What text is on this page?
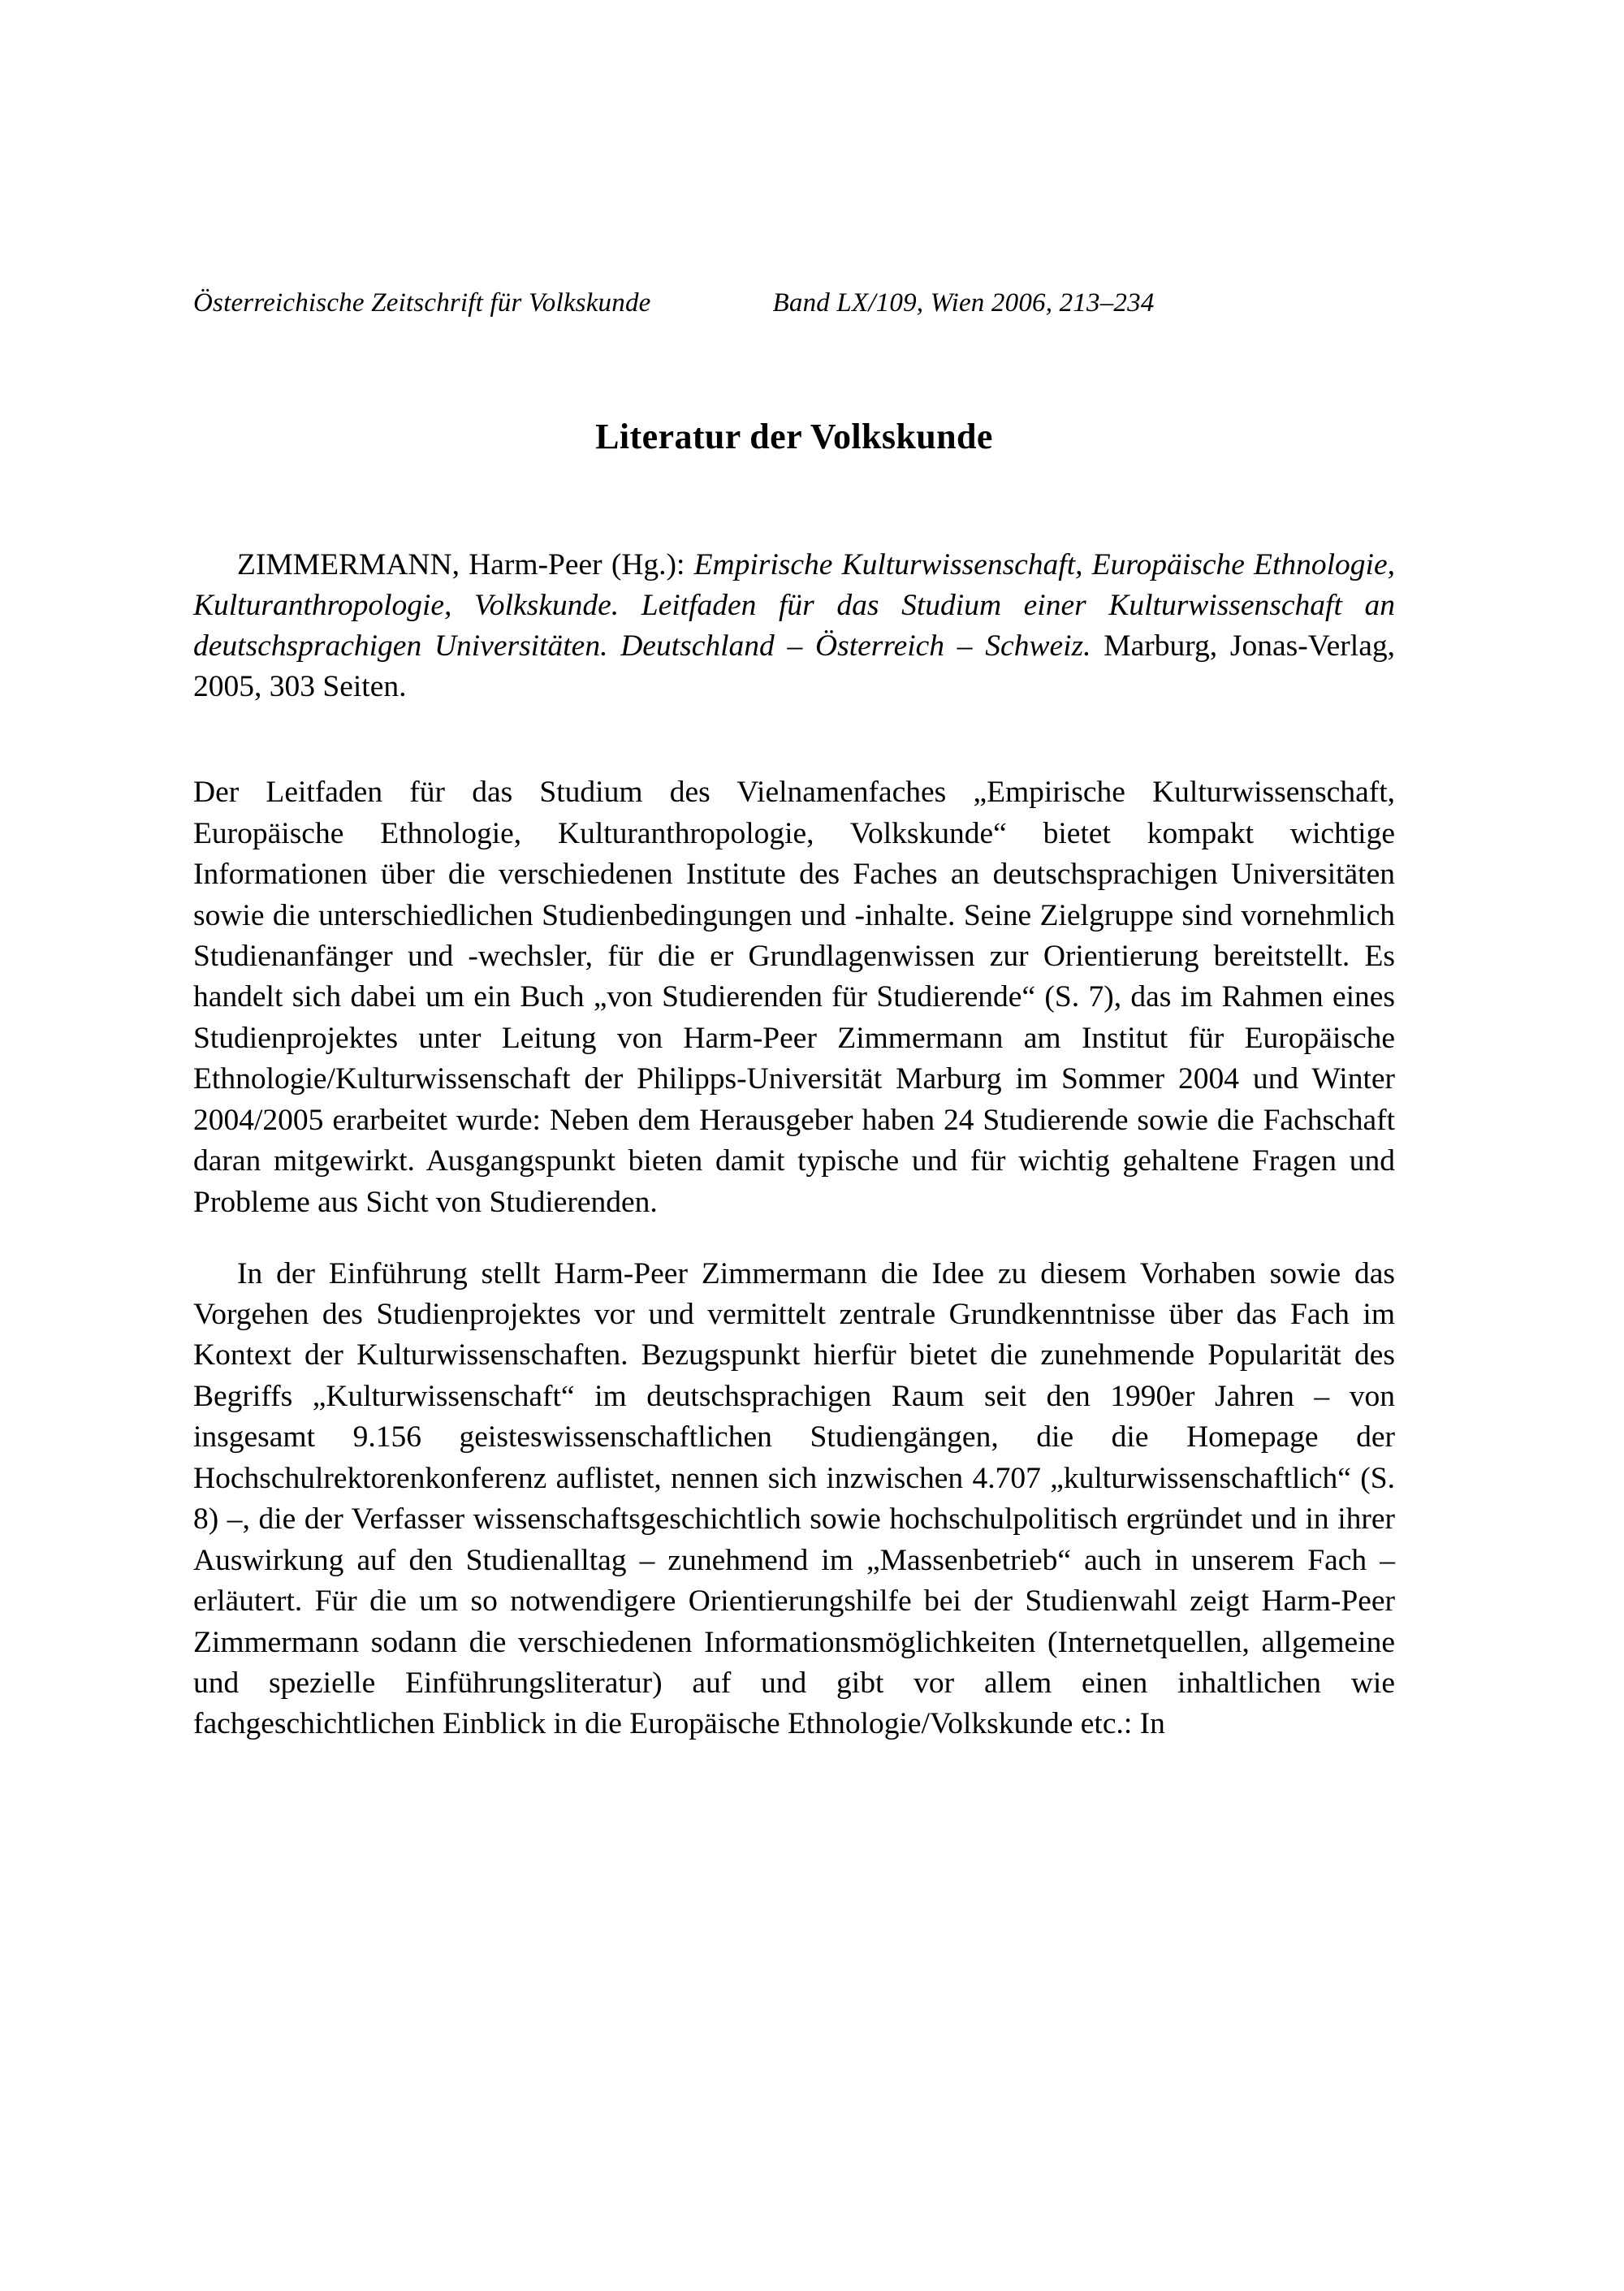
Österreichische Zeitschrift für Volkskunde	Band LX/109, Wien 2006, 213–234
Literatur der Volkskunde

ZIMMERMANN, Harm-Peer (Hg.): Empirische Kulturwissenschaft, Europäische Ethnologie, Kulturanthropologie, Volkskunde. Leitfaden für das Studium einer Kulturwissenschaft an deutschsprachigen Universitäten. Deutschland – Österreich – Schweiz. Marburg, Jonas-Verlag, 2005, 303 Seiten.

Der Leitfaden für das Studium des Vielnamenfaches „Empirische Kulturwissenschaft, Europäische Ethnologie, Kulturanthropologie, Volkskunde“ bietet kompakt wichtige Informationen über die verschiedenen Institute des Faches an deutschsprachigen Universitäten sowie die unterschiedlichen Studienbedingungen und -inhalte. Seine Zielgruppe sind vornehmlich Studienanfänger und -wechsler, für die er Grundlagenwissen zur Orientierung bereitstellt. Es handelt sich dabei um ein Buch „von Studierenden für Studierende“ (S. 7), das im Rahmen eines Studienprojektes unter Leitung von Harm-Peer Zimmermann am Institut für Europäische Ethnologie/Kulturwissenschaft der Philipps-Universität Marburg im Sommer 2004 und Winter 2004/2005 erarbeitet wurde: Neben dem Herausgeber haben 24 Studierende sowie die Fachschaft daran mitgewirkt. Ausgangspunkt bieten damit typische und für wichtig gehaltene Fragen und Probleme aus Sicht von Studierenden.

In der Einführung stellt Harm-Peer Zimmermann die Idee zu diesem Vorhaben sowie das Vorgehen des Studienprojektes vor und vermittelt zentrale Grundkenntnisse über das Fach im Kontext der Kulturwissenschaften. Bezugspunkt hierfür bietet die zunehmende Popularität des Begriffs „Kulturwissenschaft“ im deutschsprachigen Raum seit den 1990er Jahren – von insgesamt 9.156 geisteswissenschaftlichen Studiengängen, die die Homepage der Hochschulrektorenkonferenz auflistet, nennen sich inzwischen 4.707 „kulturwissenschaftlich“ (S. 8) –, die der Verfasser wissenschaftsgeschichtlich sowie hochschulpolitisch ergründet und in ihrer Auswirkung auf den Studienalltag – zunehmend im „Massenbetrieb“ auch in unserem Fach – erläutert. Für die um so notwendigere Orientierungshilfe bei der Studienwahl zeigt Harm-Peer Zimmermann sodann die verschiedenen Informationsmöglichkeiten (Internetquellen, allgemeine und spezielle Einführungsliteratur) auf und gibt vor allem einen inhaltlichen wie fachgeschichtlichen Einblick in die Europäische Ethnologie/Volkskunde etc.: In
